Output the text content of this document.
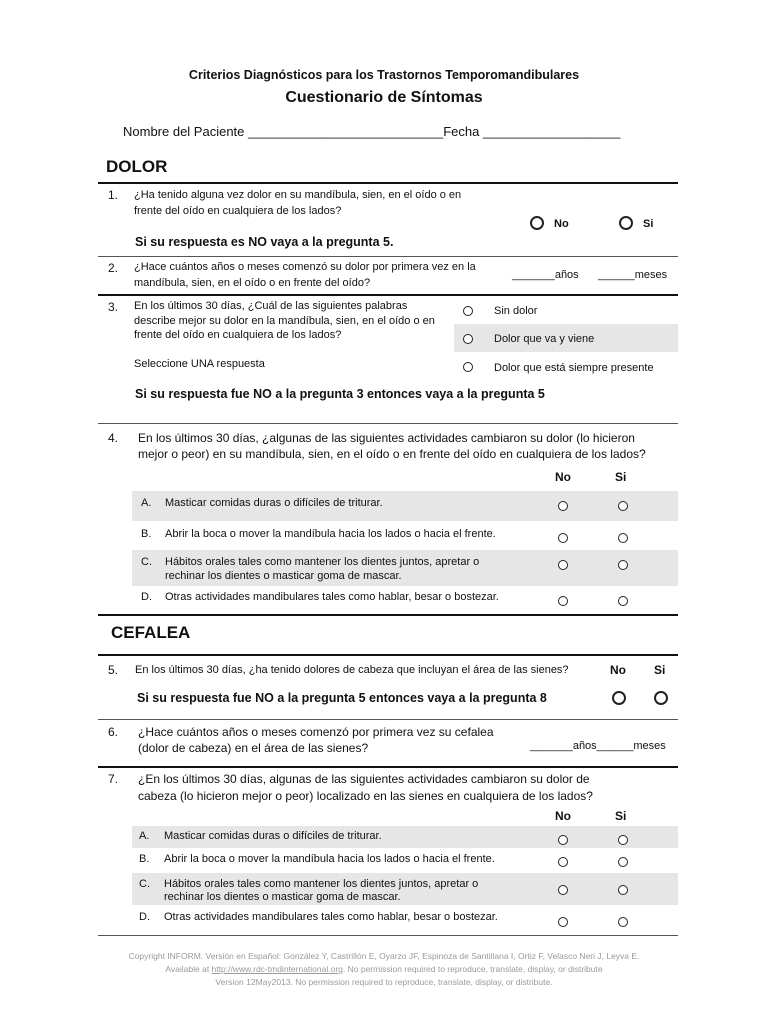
Criterios Diagnósticos para los Trastornos Temporomandibulares
Cuestionario de Síntomas
Nombre del Paciente ___________________________Fecha ___________________
DOLOR
1. ¿Ha tenido alguna vez dolor en su mandíbula, sien, en el oído o en
frente del oído en cualquiera de los lados?
No	Si
Si su respuesta es NO vaya a la pregunta 5.
2. ¿Hace cuántos años o meses comenzó su dolor por primera vez en la
mandíbula, sien, en el oído o en frente del oído?
_______años ______meses
3. En los últimos 30 días, ¿Cuál de las siguientes palabras
describe mejor su dolor en la mandíbula, sien, en el oído o en
frente del oído en cualquiera de los lados?
Seleccione UNA respuesta
Sin dolor
Dolor que va y viene
Dolor que está siempre presente
Si su respuesta fue NO a la pregunta 3 entonces vaya a la pregunta 5
4. En los últimos 30 días, ¿algunas de las siguientes actividades cambiaron su dolor (lo hicieron
mejor o peor) en su mandíbula, sien, en el oído o en frente del oído en cualquiera de los lados?
No	Si
A. Masticar comidas duras o difíciles de triturar.
B. Abrir la boca o mover la mandíbula hacia los lados o hacia el frente.
C. Hábitos orales tales como mantener los dientes juntos, apretar o
rechinar los dientes o masticar goma de mascar.
D. Otras actividades mandibulares tales como hablar, besar o bostezar.
CEFALEA
5. En los últimos 30 días, ¿ha tenido dolores de cabeza que incluyan el área de las sienes?	No Si
Si su respuesta fue NO a la pregunta 5 entonces vaya a la pregunta 8
6. ¿Hace cuántos años o meses comenzó por primera vez su cefalea
(dolor de cabeza) en el área de las sienes?	_______años______meses
7. ¿En los últimos 30 días, algunas de las siguientes actividades cambiaron su dolor de
cabeza (lo hicieron mejor o peor) localizado en las sienes en cualquiera de los lados?
No	Si
A. Masticar comidas duras o difíciles de triturar.
B. Abrir la boca o mover la mandíbula hacia los lados o hacia el frente.
C. Hábitos orales tales como mantener los dientes juntos, apretar o
rechinar los dientes o masticar goma de mascar.
D. Otras actividades mandibulares tales como hablar, besar o bostezar.
Copyright INFORM. Versión en Español: González Y, Castrillón E, Oyarzo JF, Espinoza de Santillana I, Ortiz F, Velasco Neri J, Leyva E.
Available at http://www.rdc-tmdinternational.org. No permission required to reproduce, translate, display, or distribute
Version 12May2013. No permission required to reproduce, translate, display, or distribute.
